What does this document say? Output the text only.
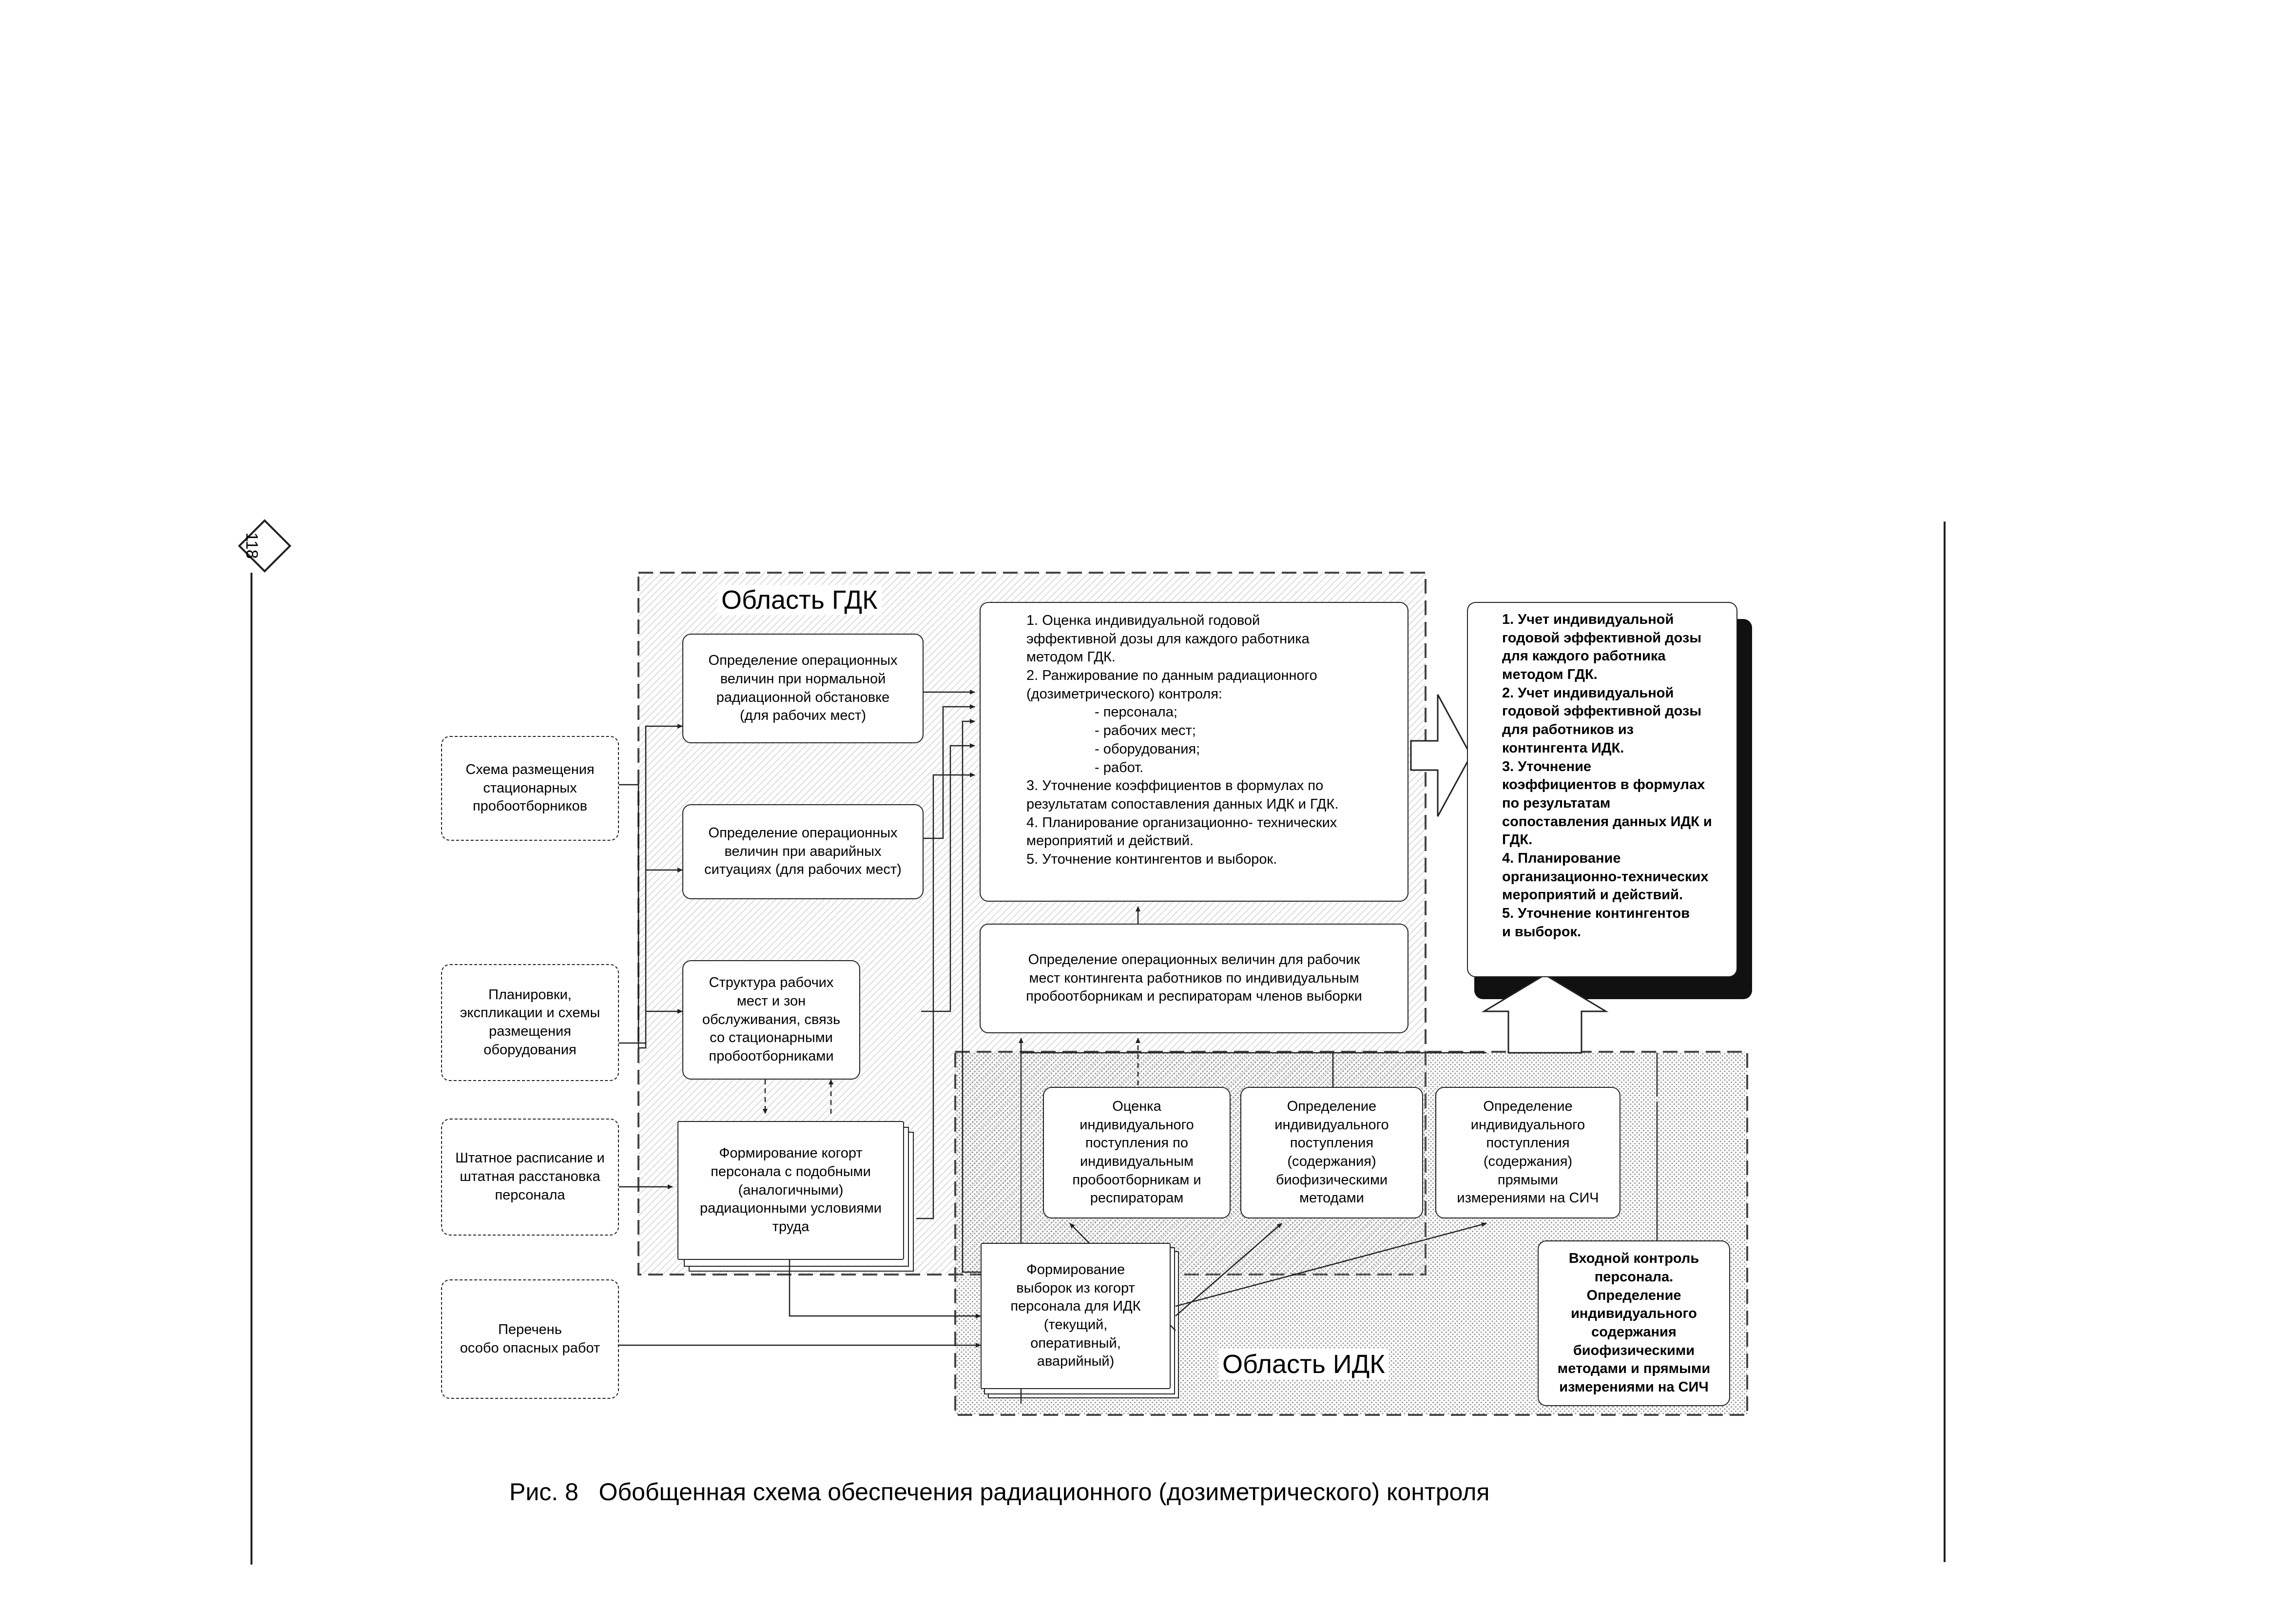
118
Область ГДК
Область ИДК
Схема размещения
стационарных
пробоотборников
Планировки,
экспликации и схемы
размещения
оборудования
Штатное расписание и
штатная расстановка
персонала
Перечень
особо опасных работ
Определение операционных
величин при нормальной
радиационной обстановке
(для рабочих мест)
Определение операционных
величин при аварийных
ситуациях (для рабочих мест)
Структура рабочих
мест и зон
обслуживания, связь
со стационарными
пробоотборниками
Формирование когорт
персонала с подобными
(аналогичными)
радиационными условиями
труда
1. Оценка индивидуальной годовой
эффективной дозы для каждого работника
методом ГДК.
2. Ранжирование по данным радиационного
(дозиметрического) контроля:
- персонала;
- рабочих мест;
- оборудования;
- работ.
3. Уточнение коэффициентов в формулах по
результатам сопоставления данных ИДК и ГДК.
4. Планирование организационно- технических
мероприятий и действий.
5. Уточнение контингентов и выборок.
Определение операционных величин для рабочик
мест контингента работников по индивидуальным
пробоотборникам и респираторам членов выборки
1. Учет индивидуальной
годовой эффективной дозы
для каждого работника
методом ГДК.
2. Учет индивидуальной
годовой эффективной дозы
для работников из
контингента ИДК.
3. Уточнение
коэффициентов в формулах
по результатам
сопоставления данных ИДК и
ГДК.
4. Планирование
организационно-технических
мероприятий и действий.
5. Уточнение контингентов
и выборок.
Оценка
индивидуального
поступления по
индивидуальным
пробоотборникам и
респираторам
Определение
индивидуального
поступления
(содержания)
биофизическими
методами
Определение
индивидуального
поступления
(содержания)
прямыми
измерениями на СИЧ
Формирование
выборок из когорт
персонала для ИДК
(текущий,
оперативный,
аварийный)
Входной контроль
персонала.
Определение
индивидуального
содержания
биофизическими
методами и прямыми
измерениями на СИЧ
Рис. 8   Обобщенная схема обеспечения радиационного (дозиметрического) контроля
